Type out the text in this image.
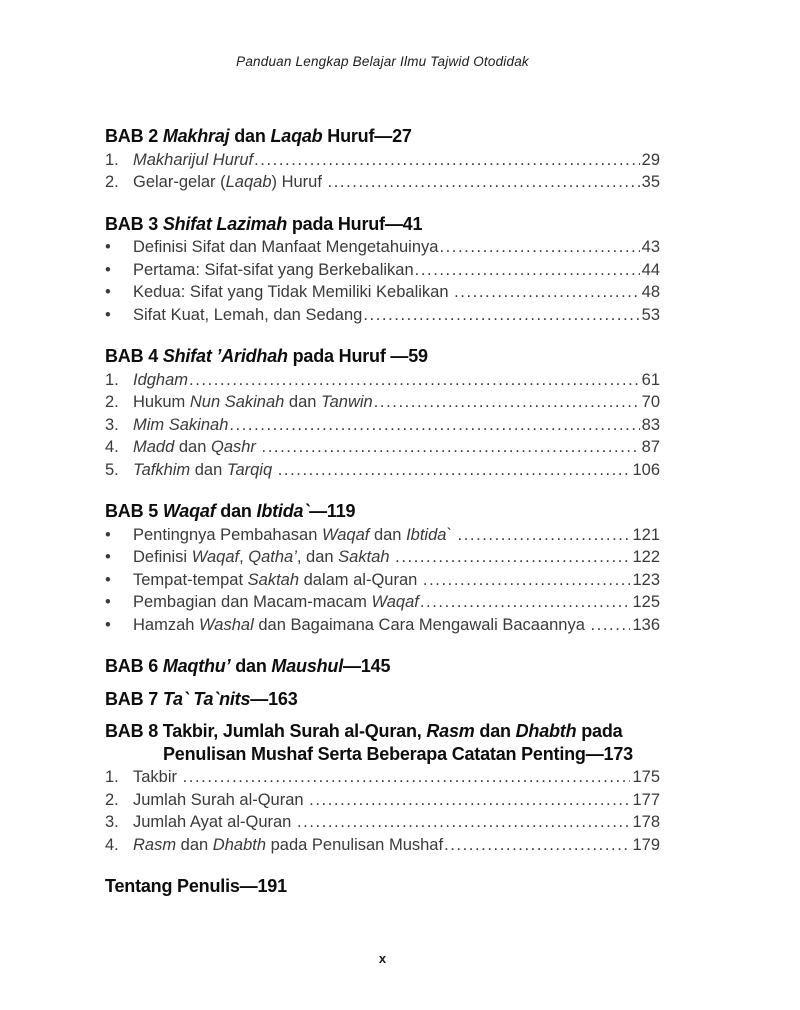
Panduan Lengkap Belajar Ilmu Tajwid Otodidak
BAB 2 Makhraj dan Laqab Huruf—27
1. Makharijul Huruf .....	29
2. Gelar-gelar (Laqab) Huruf .....	35
BAB 3 Shifat Lazimah pada Huruf—41
•	Definisi Sifat dan Manfaat Mengetahuinya .....	43
•	Pertama: Sifat-sifat yang Berkebalikan .....	44
•	Kedua: Sifat yang Tidak Memiliki Kebalikan .....	48
•	Sifat Kuat, Lemah, dan Sedang .....	53
BAB 4 Shifat ’Aridhah pada Huruf —59
1. Idgham .....	61
2. Hukum Nun Sakinah dan Tanwin .....	70
3. Mim Sakinah .....	83
4. Madd dan Qashr .....	87
5. Tafkhim dan Tarqiq .....	106
BAB 5 Waqaf dan Ibtida`—119
•	Pentingnya Pembahasan Waqaf dan Ibtida` .....	121
•	Definisi Waqaf, Qatha’, dan Saktah .....	122
•	Tempat-tempat Saktah dalam al-Quran .....	123
•	Pembagian dan Macam-macam Waqaf .....	125
•	Hamzah Washal dan Bagaimana Cara Mengawali Bacaannya .....	136
BAB 6 Maqthu’ dan Maushul—145
BAB 7 Ta` Ta`nits—163
BAB 8 Takbir, Jumlah Surah al-Quran, Rasm dan Dhabth pada
Penulisan Mushaf Serta Beberapa Catatan Penting—173
1. Takbir .....	175
2. Jumlah Surah al-Quran .....	177
3. Jumlah Ayat al-Quran .....	178
4. Rasm dan Dhabth pada Penulisan Mushaf .....	179
Tentang Penulis—191
x
